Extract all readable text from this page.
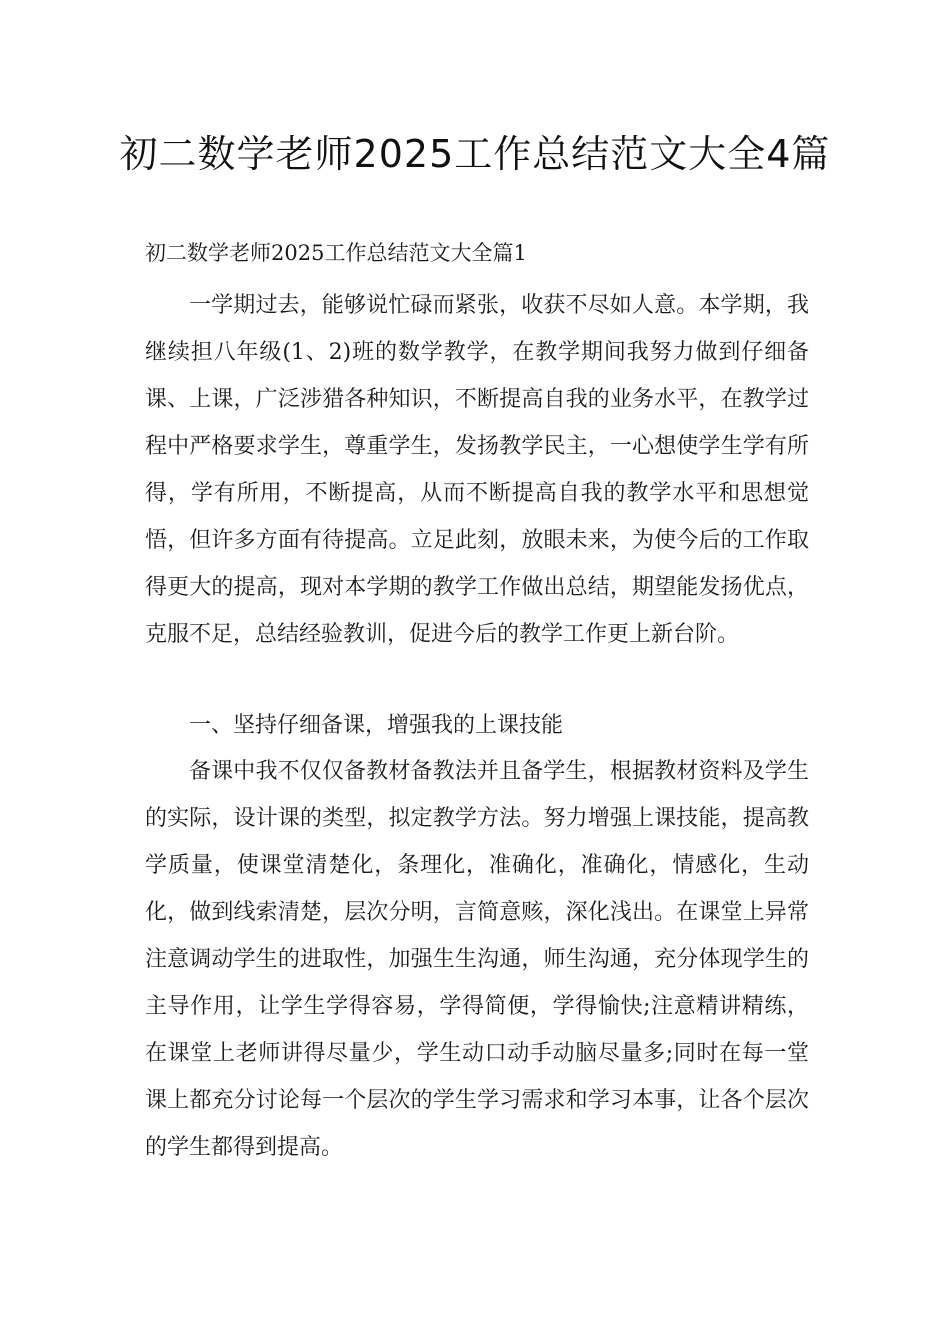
初二数学老师2025工作总结范文大全4篇

初二数学老师2025工作总结范文大全篇1

一学期过去，能够说忙碌而紧张，收获不尽如人意。本学期，我继续担八年级(1、2)班的数学教学，在教学期间我努力做到仔细备课、上课，广泛涉猎各种知识，不断提高自我的业务水平，在教学过程中严格要求学生，尊重学生，发扬教学民主，一心想使学生学有所得，学有所用，不断提高，从而不断提高自我的教学水平和思想觉悟，但许多方面有待提高。立足此刻，放眼未来，为使今后的工作取得更大的提高，现对本学期的教学工作做出总结，期望能发扬优点，克服不足，总结经验教训，促进今后的教学工作更上新台阶。

一、坚持仔细备课，增强我的上课技能

备课中我不仅仅备教材备教法并且备学生，根据教材资料及学生的实际，设计课的类型，拟定教学方法。努力增强上课技能，提高教学质量，使课堂清楚化，条理化，准确化，准确化，情感化，生动化，做到线索清楚，层次分明，言简意赅，深化浅出。在课堂上异常注意调动学生的进取性，加强生生沟通，师生沟通，充分体现学生的主导作用，让学生学得容易，学得简便，学得愉快;注意精讲精练，在课堂上老师讲得尽量少，学生动口动手动脑尽量多;同时在每一堂课上都充分讨论每一个层次的学生学习需求和学习本事，让各个层次的学生都得到提高。
